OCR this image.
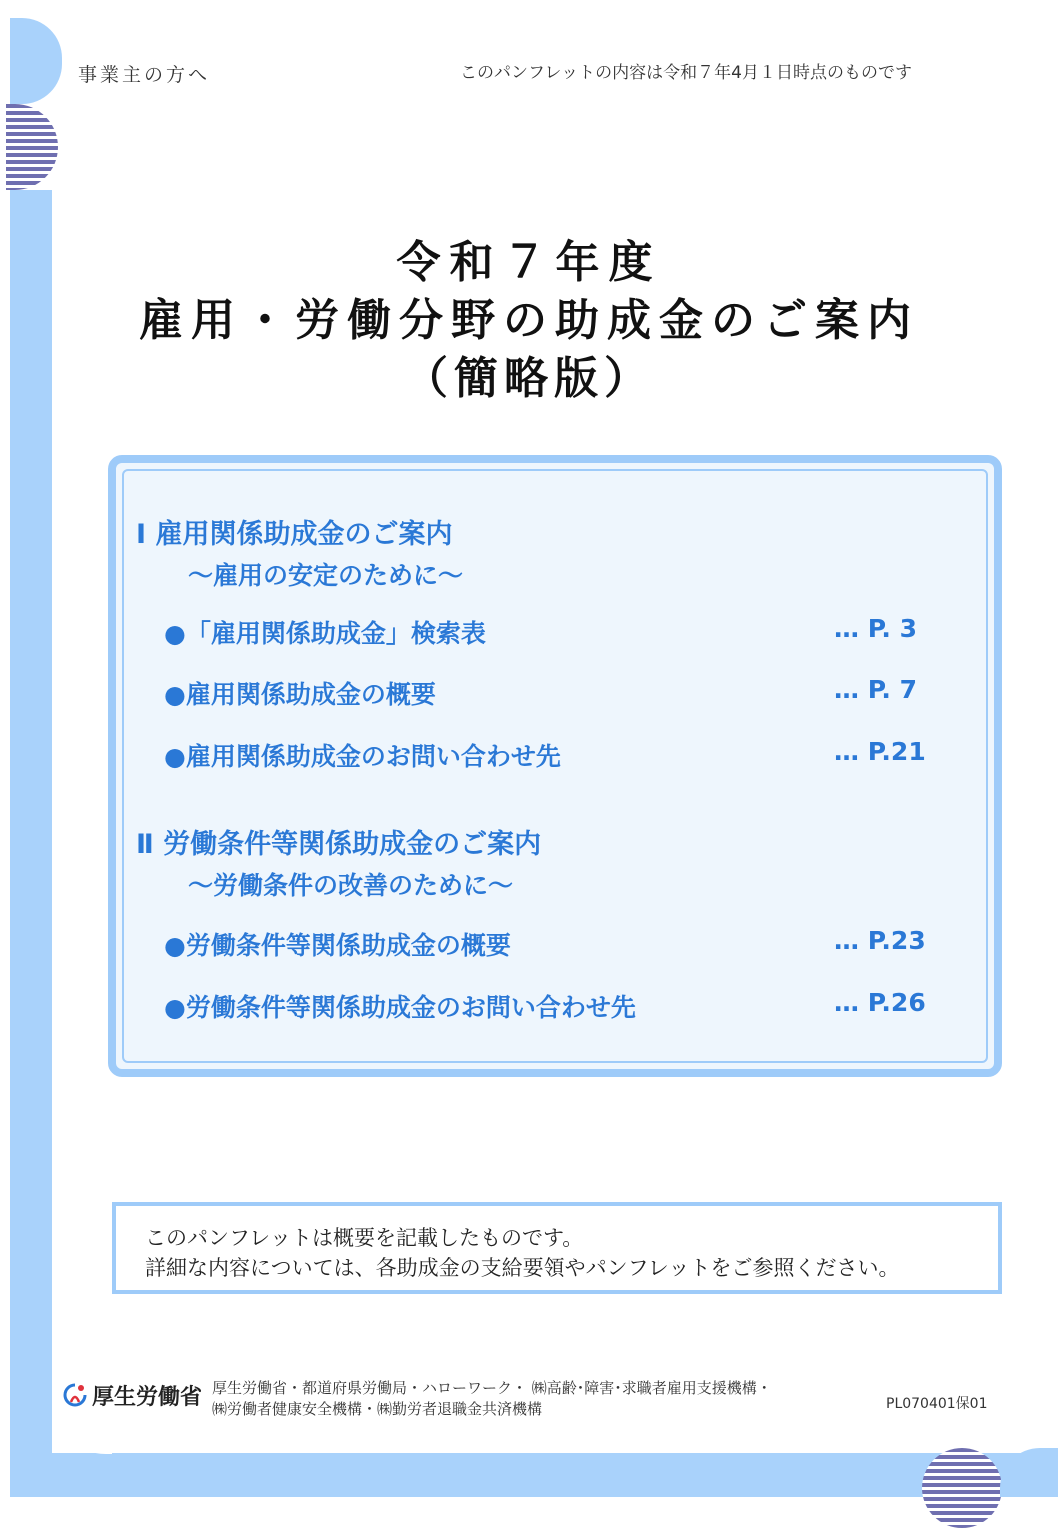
事業主の方へ	このパンフレットの内容は令和７年4月１日時点のものです
令和７年度
雇用・労働分野の助成金のご案内
（簡略版）
Ⅰ 雇用関係助成金のご案内
～雇用の安定のために～
●「雇用関係助成金」検索表	… P. 3
●雇用関係助成金の概要	… P. 7
●雇用関係助成金のお問い合わせ先	… P.21
Ⅱ 労働条件等関係助成金のご案内
～労働条件の改善のために～
●労働条件等関係助成金の概要	… P.23
●労働条件等関係助成金のお問い合わせ先	… P.26
このパンフレットは概要を記載したものです。
詳細な内容については、各助成金の支給要領やパンフレットをご参照ください。
厚生労働省 厚生労働省・都道府県労働局・ハローワーク・ ㈱高齢･障害･求職者雇用支援機構・
㈱労働者健康安全機構・㈱勤労者退職金共済機構	PL070401保01
